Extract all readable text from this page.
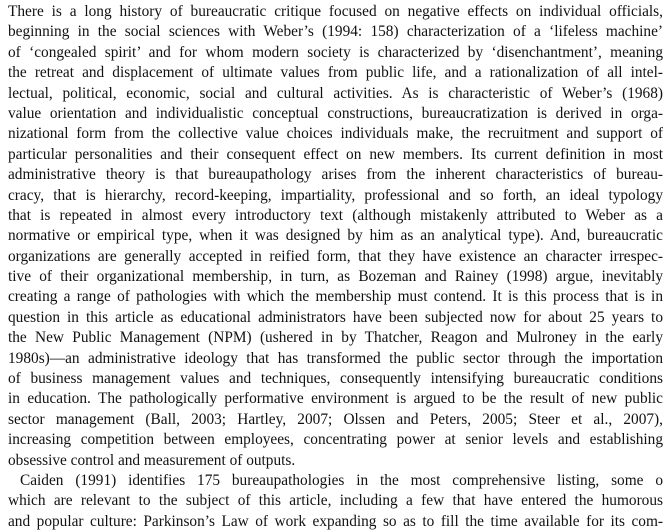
There is a long history of bureaucratic critique focused on negative effects on individual officials,
beginning in the social sciences with Weber’s (1994: 158) characterization of a ‘lifeless machine’
of ‘congealed spirit’ and for whom modern society is characterized by ‘disenchantment’, meaning
the retreat and displacement of ultimate values from public life, and a rationalization of all intel-
lectual, political, economic, social and cultural activities. As is characteristic of Weber’s (1968)
value orientation and individualistic conceptual constructions, bureaucratization is derived in orga-
nizational form from the collective value choices individuals make, the recruitment and support of
particular personalities and their consequent effect on new members. Its current definition in most
administrative theory is that bureaupathology arises from the inherent characteristics of bureau-
cracy, that is hierarchy, record-keeping, impartiality, professional and so forth, an ideal typology
that is repeated in almost every introductory text (although mistakenly attributed to Weber as a
normative or empirical type, when it was designed by him as an analytical type). And, bureaucratic
organizations are generally accepted in reified form, that they have existence an character irrespec-
tive of their organizational membership, in turn, as Bozeman and Rainey (1998) argue, inevitably
creating a range of pathologies with which the membership must contend. It is this process that is in
question in this article as educational administrators have been subjected now for about 25 years to
the New Public Management (NPM) (ushered in by Thatcher, Reagon and Mulroney in the early
1980s)—an administrative ideology that has transformed the public sector through the importation
of business management values and techniques, consequently intensifying bureaucratic conditions
in education. The pathologically performative environment is argued to be the result of new public
sector management (Ball, 2003; Hartley, 2007; Olssen and Peters, 2005; Steer et al., 2007),
increasing competition between employees, concentrating power at senior levels and establishing
obsessive control and measurement of outputs.
Caiden (1991) identifies 175 bureaupathologies in the most comprehensive listing, some o
which are relevant to the subject of this article, including a few that have entered the humorous
and popular culture: Parkinson’s Law of work expanding so as to fill the time available for its com-
